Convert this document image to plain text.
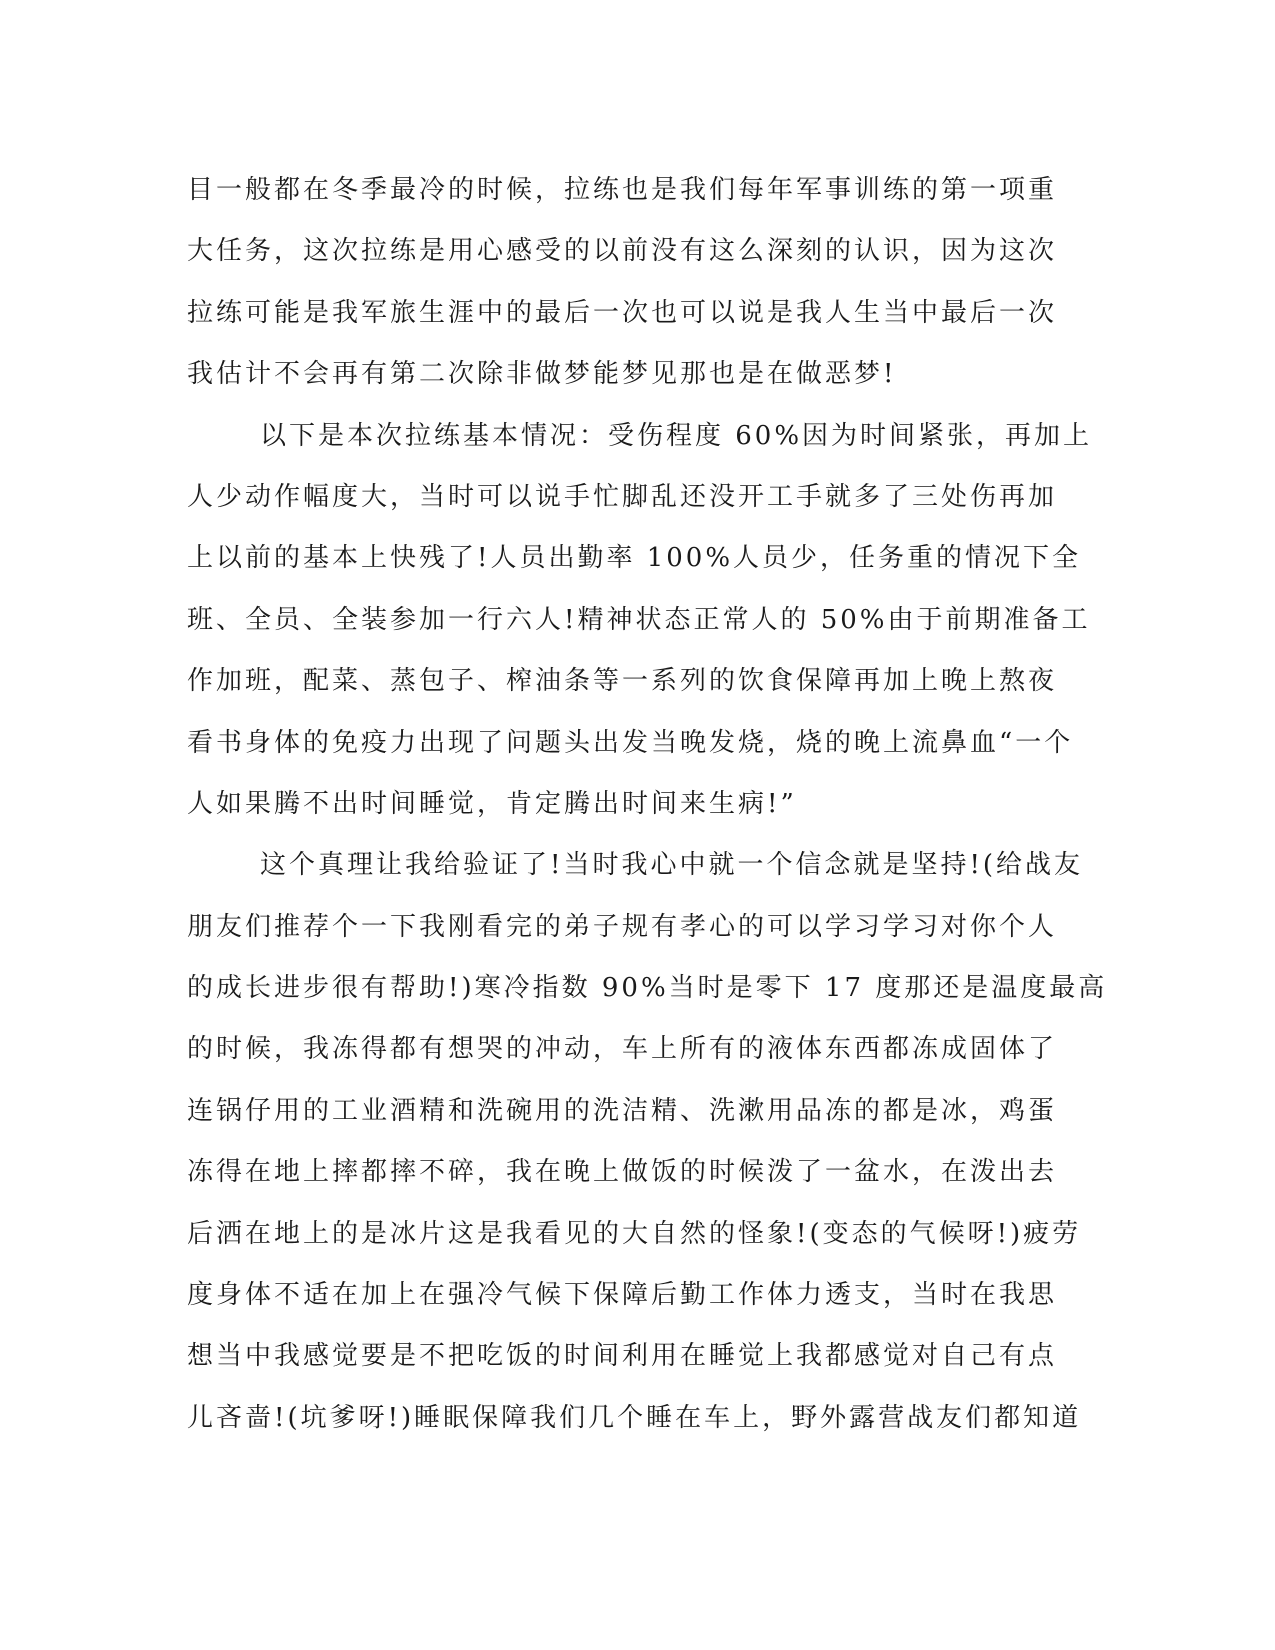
目一般都在冬季最冷的时候，拉练也是我们每年军事训练的第一项重
大任务，这次拉练是用心感受的以前没有这么深刻的认识，因为这次
拉练可能是我军旅生涯中的最后一次也可以说是我人生当中最后一次
我估计不会再有第二次除非做梦能梦见那也是在做恶梦!
以下是本次拉练基本情况：受伤程度 60%因为时间紧张，再加上
人少动作幅度大，当时可以说手忙脚乱还没开工手就多了三处伤再加
上以前的基本上快残了!人员出勤率 100%人员少，任务重的情况下全
班、全员、全装参加一行六人!精神状态正常人的 50%由于前期准备工
作加班，配菜、蒸包子、榨油条等一系列的饮食保障再加上晚上熬夜
看书身体的免疫力出现了问题头出发当晚发烧，烧的晚上流鼻血“一个
人如果腾不出时间睡觉，肯定腾出时间来生病!”
这个真理让我给验证了!当时我心中就一个信念就是坚持!(给战友
朋友们推荐个一下我刚看完的弟子规有孝心的可以学习学习对你个人
的成长进步很有帮助!)寒冷指数 90%当时是零下 17 度那还是温度最高
的时候，我冻得都有想哭的冲动，车上所有的液体东西都冻成固体了
连锅仔用的工业酒精和洗碗用的洗洁精、洗漱用品冻的都是冰，鸡蛋
冻得在地上摔都摔不碎，我在晚上做饭的时候泼了一盆水，在泼出去
后洒在地上的是冰片这是我看见的大自然的怪象!(变态的气候呀!)疲劳
度身体不适在加上在强冷气候下保障后勤工作体力透支，当时在我思
想当中我感觉要是不把吃饭的时间利用在睡觉上我都感觉对自己有点
儿吝啬!(坑爹呀!)睡眠保障我们几个睡在车上，野外露营战友们都知道
